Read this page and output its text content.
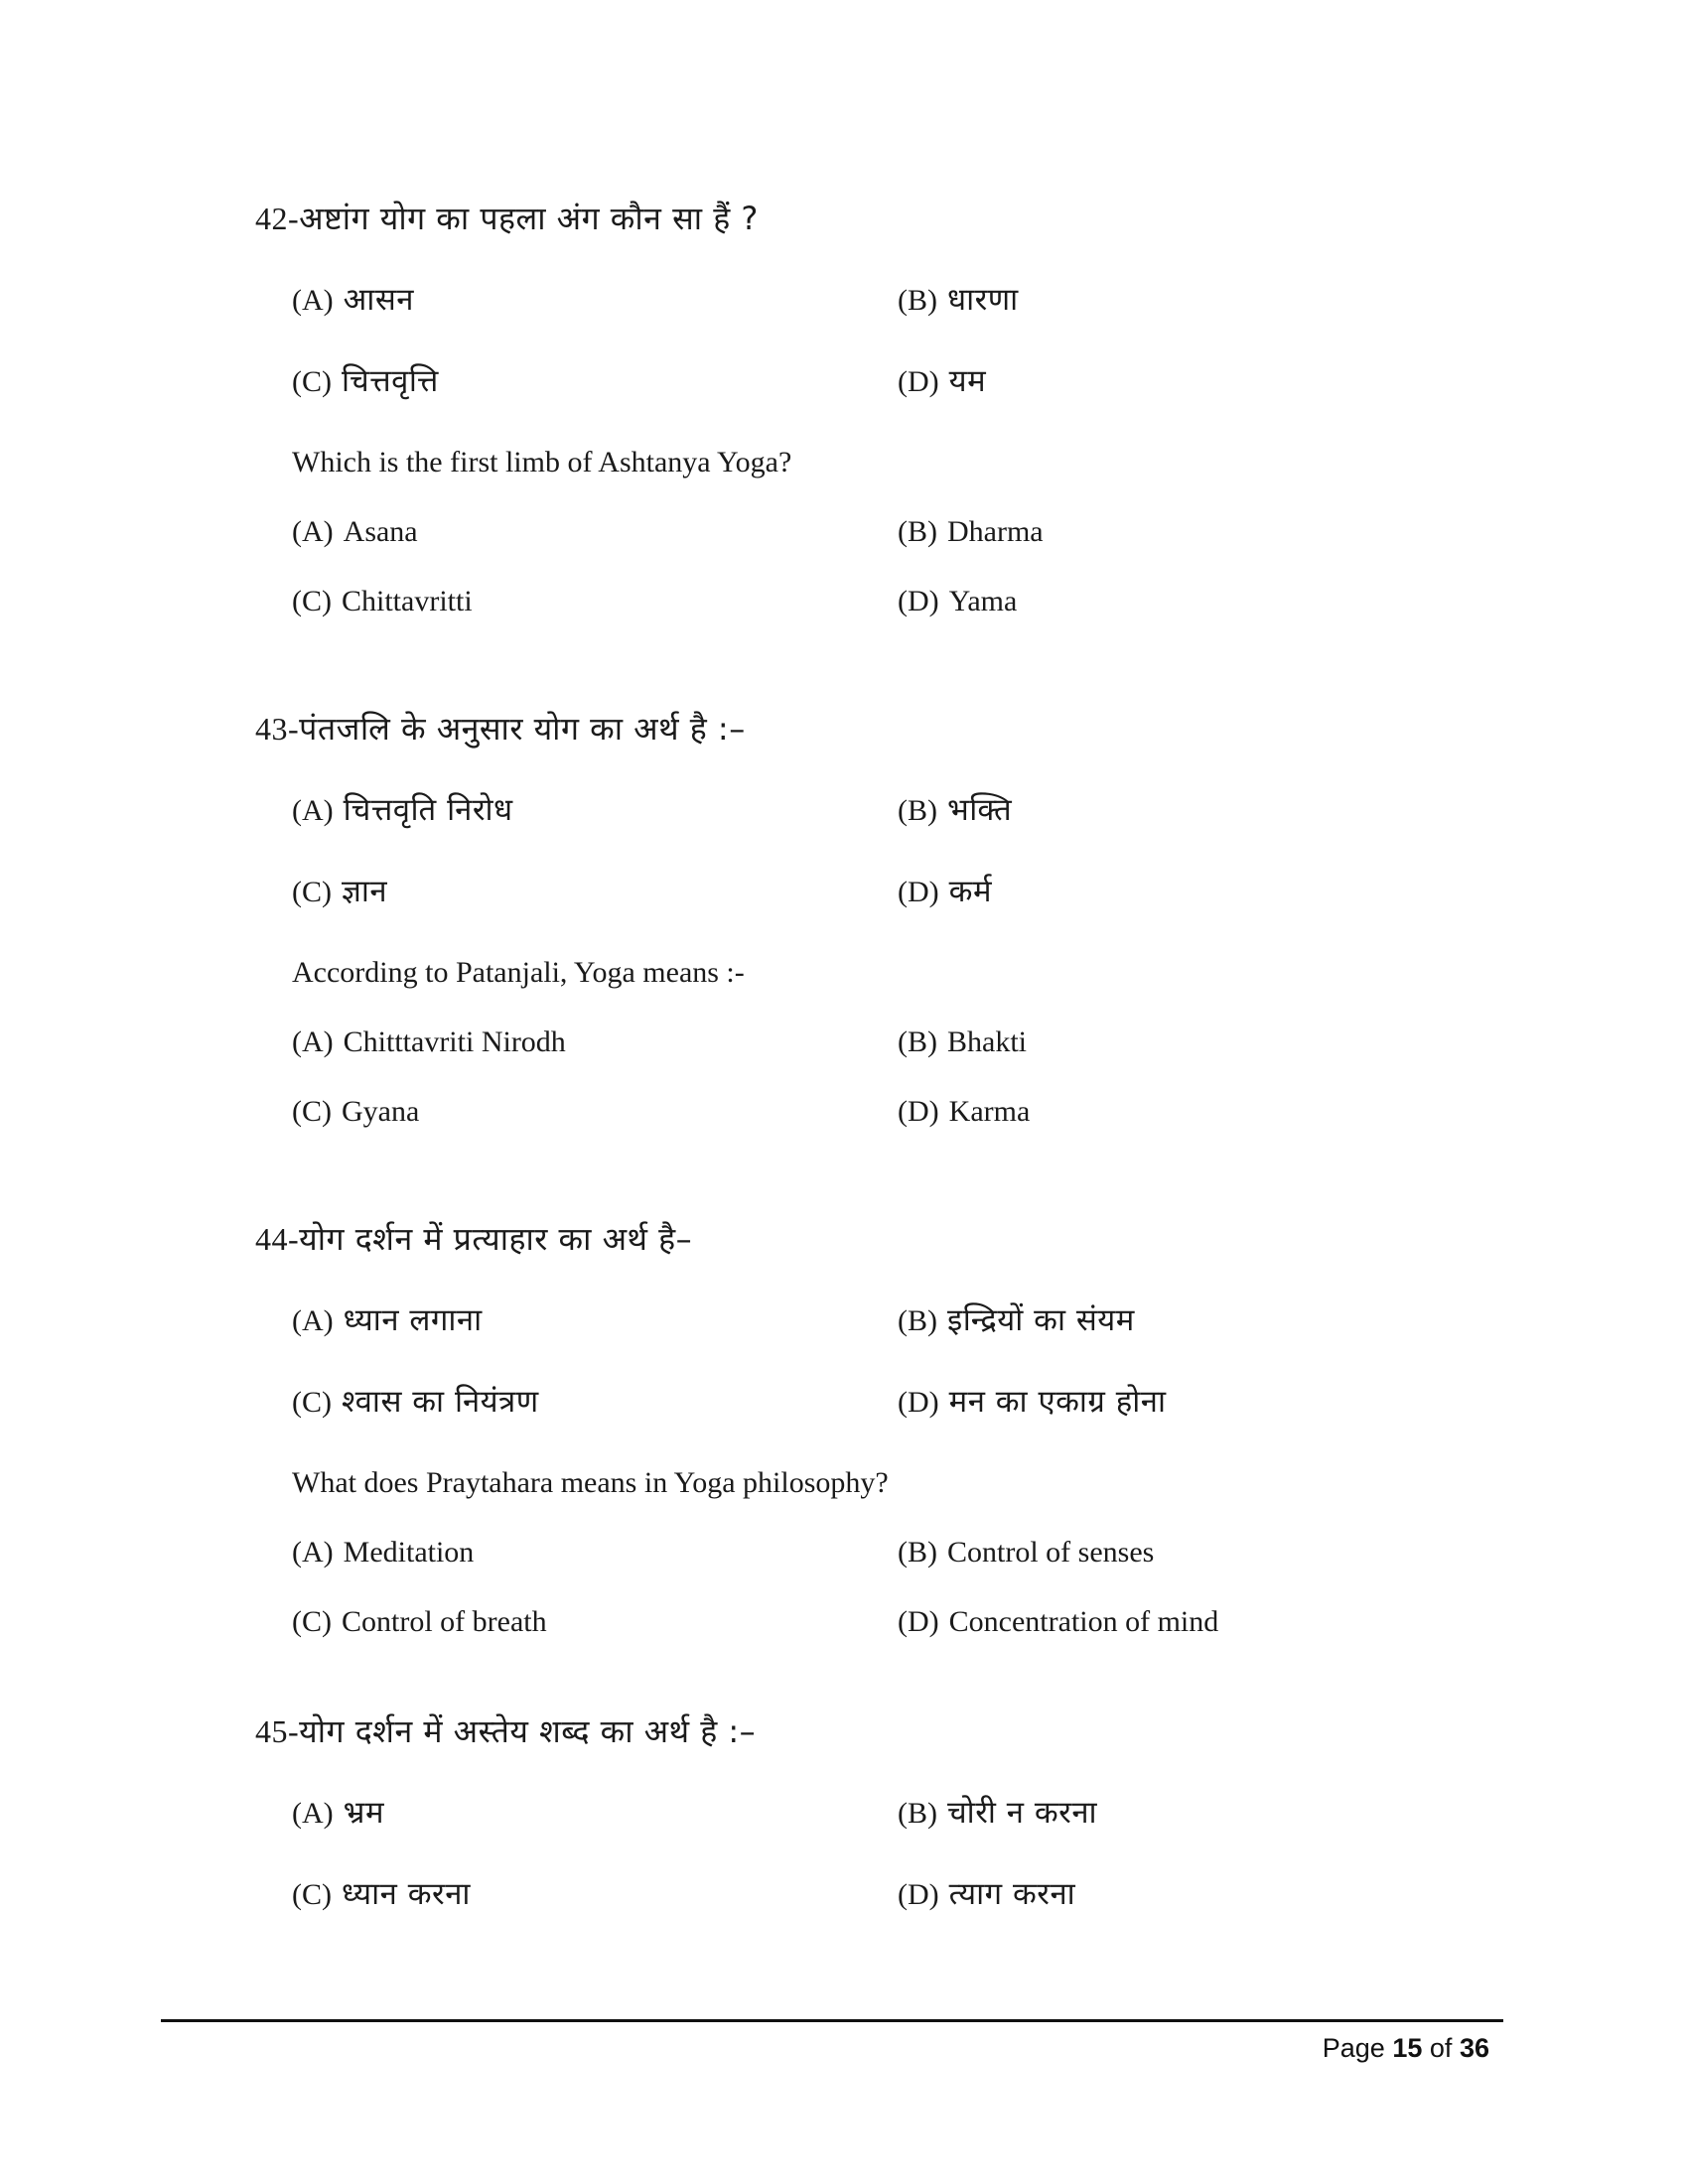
42-अष्टांग योग का पहला अंग कौन सा हैं ?
(A) आसन	(B) धारणा
(C) चित्तवृत्ति	(D) यम
Which is the first limb of Ashtanya Yoga?
(A) Asana	(B) Dharma
(C) Chittavritti	(D) Yama
43-पंतजलि के अनुसार योग का अर्थ है :–
(A) चित्तवृति निरोध	(B) भक्ति
(C) ज्ञान	(D) कर्म
According to Patanjali, Yoga means :-
(A) Chitttavriti Nirodh	(B) Bhakti
(C) Gyana	(D) Karma
44-योग दर्शन में प्रत्याहार का अर्थ है–
(A) ध्यान लगाना	(B) इन्द्रियों का संयम
(C) श्वास का नियंत्रण	(D) मन का एकाग्र होना
What does Praytahara means in Yoga philosophy?
(A) Meditation	(B) Control of senses
(C) Control of breath	(D) Concentration of mind
45-योग दर्शन में अस्तेय शब्द का अर्थ है :–
(A) भ्रम	(B) चोरी न करना
(C) ध्यान करना	(D) त्याग करना
Page 15 of 36
